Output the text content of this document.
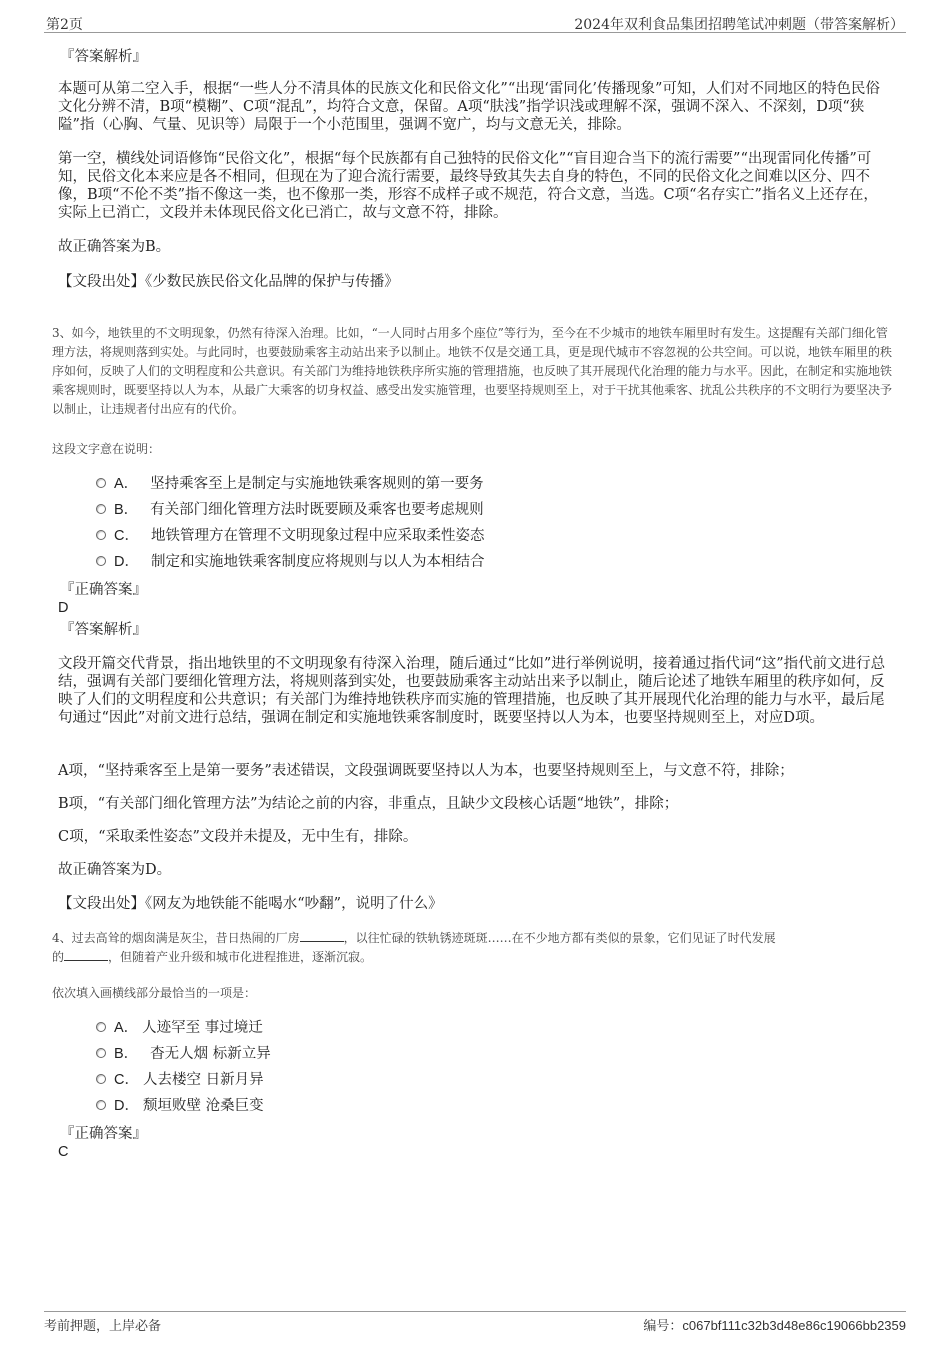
第2页	2024年双利食品集团招聘笔试冲刺题（带答案解析）
『答案解析』
本题可从第二空入手，根据“一些人分不清具体的民族文化和民俗文化”“出现‘雷同化’传播现象”可知，人们对不同地区的特色民俗文化分辨不清，B项“模糊”、C项“混乱”，均符合文意，保留。A项“肤浅”指学识浅或理解不深，强调不深入、不深刻，D项“狭隘”指（心胸、气量、见识等）局限于一个小范围里，强调不宽广，均与文意无关，排除。
第一空，横线处词语修饰“民俗文化”，根据“每个民族都有自己独特的民俗文化”“盲目迎合当下的流行需要”“出现雷同化传播”可知，民俗文化本来应是各不相同，但现在为了迎合流行需要，最终导致其失去自身的特色，不同的民俗文化之间难以区分、四不像，B项“不伦不类”指不像这一类，也不像那一类，形容不成样子或不规范，符合文意，当选。C项“名存实亡”指名义上还存在，实际上已消亡，文段并未体现民俗文化已消亡，故与文意不符，排除。
故正确答案为B。
【文段出处】《少数民族民俗文化品牌的保护与传播》
3、如今，地铁里的不文明现象，仍然有待深入治理。比如，“一人同时占用多个座位”等行为，至今在不少城市的地铁车厢里时有发生。这提醒有关部门细化管理方法，将规则落到实处。与此同时，也要鼓励乘客主动站出来予以制止。地铁不仅是交通工具，更是现代城市不容忽视的公共空间。可以说，地铁车厢里的秩序如何，反映了人们的文明程度和公共意识。有关部门为维持地铁秩序所实施的管理措施，也反映了其开展现代化治理的能力与水平。因此，在制定和实施地铁乘客规则时，既要坚持以人为本，从最广大乘客的切身权益、感受出发实施管理，也要坚持规则至上，对于干扰其他乘客、扰乱公共秩序的不文明行为要坚决予以制止，让违规者付出应有的代价。
这段文字意在说明：
A． 坚持乘客至上是制定与实施地铁乘客规则的第一要务
B． 有关部门细化管理方法时既要顾及乘客也要考虑规则
C． 地铁管理方在管理不文明现象过程中应采取柔性姿态
D． 制定和实施地铁乘客制度应将规则与以人为本相结合
『正确答案』
D
『答案解析』
文段开篇交代背景，指出地铁里的不文明现象有待深入治理，随后通过“比如”进行举例说明，接着通过指代词“这”指代前文进行总结，强调有关部门要细化管理方法，将规则落到实处，也要鼓励乘客主动站出来予以制止，随后论述了地铁车厢里的秩序如何，反映了人们的文明程度和公共意识；有关部门为维持地铁秩序而实施的管理措施，也反映了其开展现代化治理的能力与水平，最后尾句通过“因此”对前文进行总结，强调在制定和实施地铁乘客制度时，既要坚持以人为本，也要坚持规则至上，对应D项。
A项，“坚持乘客至上是第一要务”表述错误，文段强调既要坚持以人为本，也要坚持规则至上，与文意不符，排除；
B项，“有关部门细化管理方法”为结论之前的内容，非重点，且缺少文段核心话题“地铁”，排除；
C项，“采取柔性姿态”文段并未提及，无中生有，排除。
故正确答案为D。
【文段出处】《网友为地铁能不能喝水“吵翻”，说明了什么》
4、过去高耸的烟囱满是灰尘，昔日热闹的厂房	，以往忙碌的铁轨锈迹斑斑……在不少地方都有类似的景象，它们见证了时代发展
的	，但随着产业升级和城市化进程推进，逐渐沉寂。
依次填入画横线部分最恰当的一项是：
A． 人迹罕至 事过境迁
B． 杳无人烟 标新立异
C． 人去楼空 日新月异
D． 颓垣败壁 沧桑巨变
『正确答案』
C
考前押题，上岸必备	编号：c067bf111c32b3d48e86c19066bb2359
